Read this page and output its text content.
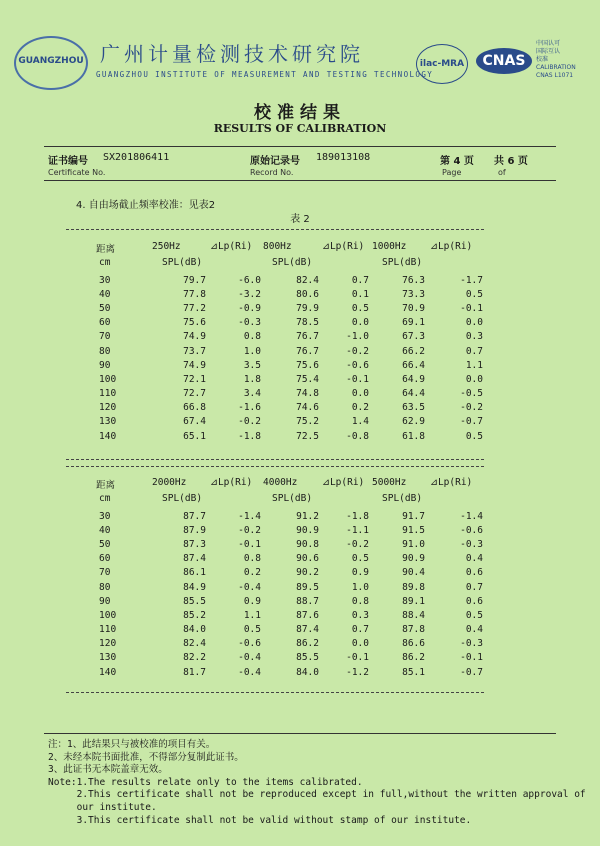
GUANGZHOU 广州计量检测技术研究院
GUANGZHOU INSTITUTE OF MEASUREMENT AND TESTING TECHNOLOGY
ilac-MRA	CNAS
中国认可
国际互认
校准
CALIBRATION
CNAS L1071
校准结果
RESULTS OF CALIBRATION
证书编号 SX201806411
Certificate No.
原始记录号 189013108
Record No.
第 4 页 共 6 页
Page	of
4. 自由场截止频率校准：见表2
表 2
距离	250Hz	⊿Lp(Ri) 800Hz	⊿Lp(Ri) 1000Hz ⊿Lp(Ri)
cm	SPL(dB)	SPL(dB)	SPL(dB)
30	79.7	-6.0	82.4	0.7	76.3	-1.7
40	77.8	-3.2	80.6	0.1	73.3	0.5
50	77.2	-0.9	79.9	0.5	70.9	-0.1
60	75.6	-0.3	78.5	0.0	69.1	0.0
70	74.9	0.8	76.7	-1.0	67.3	0.3
80	73.7	1.0	76.7	-0.2	66.2	0.7
90	74.9	3.5	75.6	-0.6	66.4	1.1
100	72.1	1.8	75.4	-0.1	64.9	0.0
110	72.7	3.4	74.8	0.0	64.4	-0.5
120	66.8	-1.6	74.6	0.2	63.5	-0.2
130	67.4	-0.2	75.2	1.4	62.9	-0.7
140	65.1	-1.8	72.5	-0.8	61.8	0.5
距离	2000Hz ⊿Lp(Ri) 4000Hz	⊿Lp(Ri) 5000Hz ⊿Lp(Ri)
cm	SPL(dB)	SPL(dB)	SPL(dB)
30	87.7	-1.4	91.2	-1.8	91.7	-1.4
40	87.9	-0.2	90.9	-1.1	91.5	-0.6
50	87.3	-0.1	90.8	-0.2	91.0	-0.3
60	87.4	0.8	90.6	0.5	90.9	0.4
70	86.1	0.2	90.2	0.9	90.4	0.6
80	84.9	-0.4	89.5	1.0	89.8	0.7
90	85.5	0.9	88.7	0.8	89.1	0.6
100	85.2	1.1	87.6	0.3	88.4	0.5
110	84.0	0.5	87.4	0.7	87.8	0.4
120	82.4	-0.6	86.2	0.0	86.6	-0.3
130	82.2	-0.4	85.5	-0.1	86.2	-0.1
140	81.7	-0.4	84.0	-1.2	85.1	-0.7
注：1、此结果只与被校准的项目有关。
2、未经本院书面批准，不得部分复制此证书。
3、此证书无本院盖章无效。
Note:1.The results relate only to the items calibrated.
2.This certificate shall not be reproduced except in full,without the written approval of
our institute.
3.This certificate shall not be valid without stamp of our institute.
